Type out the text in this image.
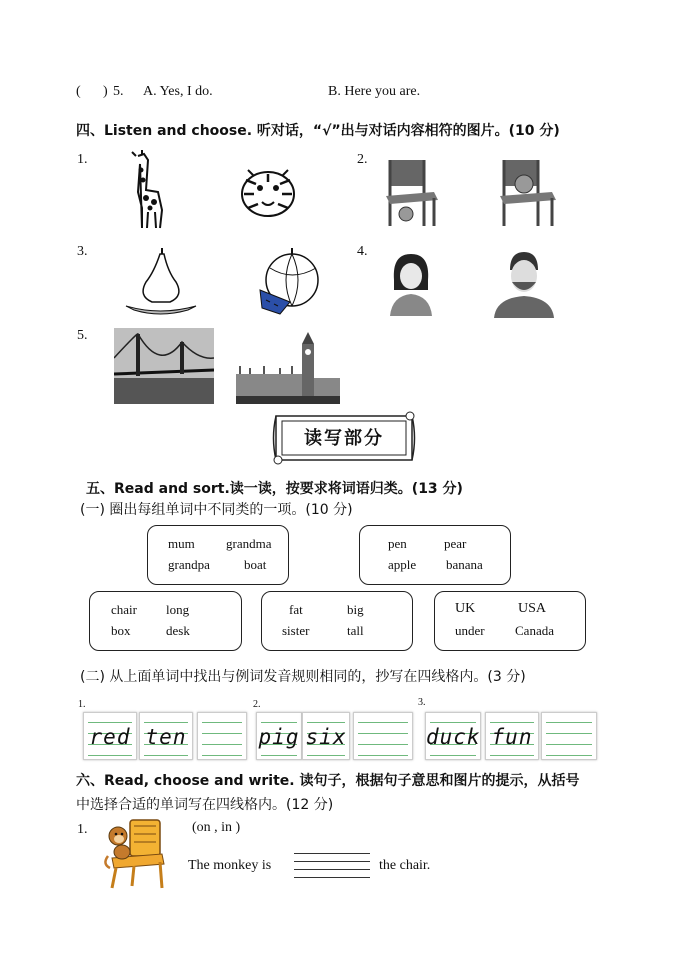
( ) 5. A. Yes, I do.	B. Here you are.
四、Listen and choose. 听对话，“√”出与对话内容相符的图片。(10 分)
1.	2.
3.	4.
5.
读写部分
五、Read and sort.读一读，按要求将词语归类。(13 分)
(一) 圈出每组单词中不同类的一项。(10 分)
mum grandma
grandpa	boat
pen	pear
apple banana
chair long
box	desk
fat	big
sister	tall
UK	USA
under Canada
(二) 从上面单词中找出与例词发音规则相同的，抄写在四线格内。(3 分)
1.	2.	3.
red ten	pig six	duck fun
六、Read, choose and write. 读句子，根据句子意思和图片的提示，从括号
中选择合适的单词写在四线格内。(12 分)
1.	(on , in )
The monkey is	the chair.
